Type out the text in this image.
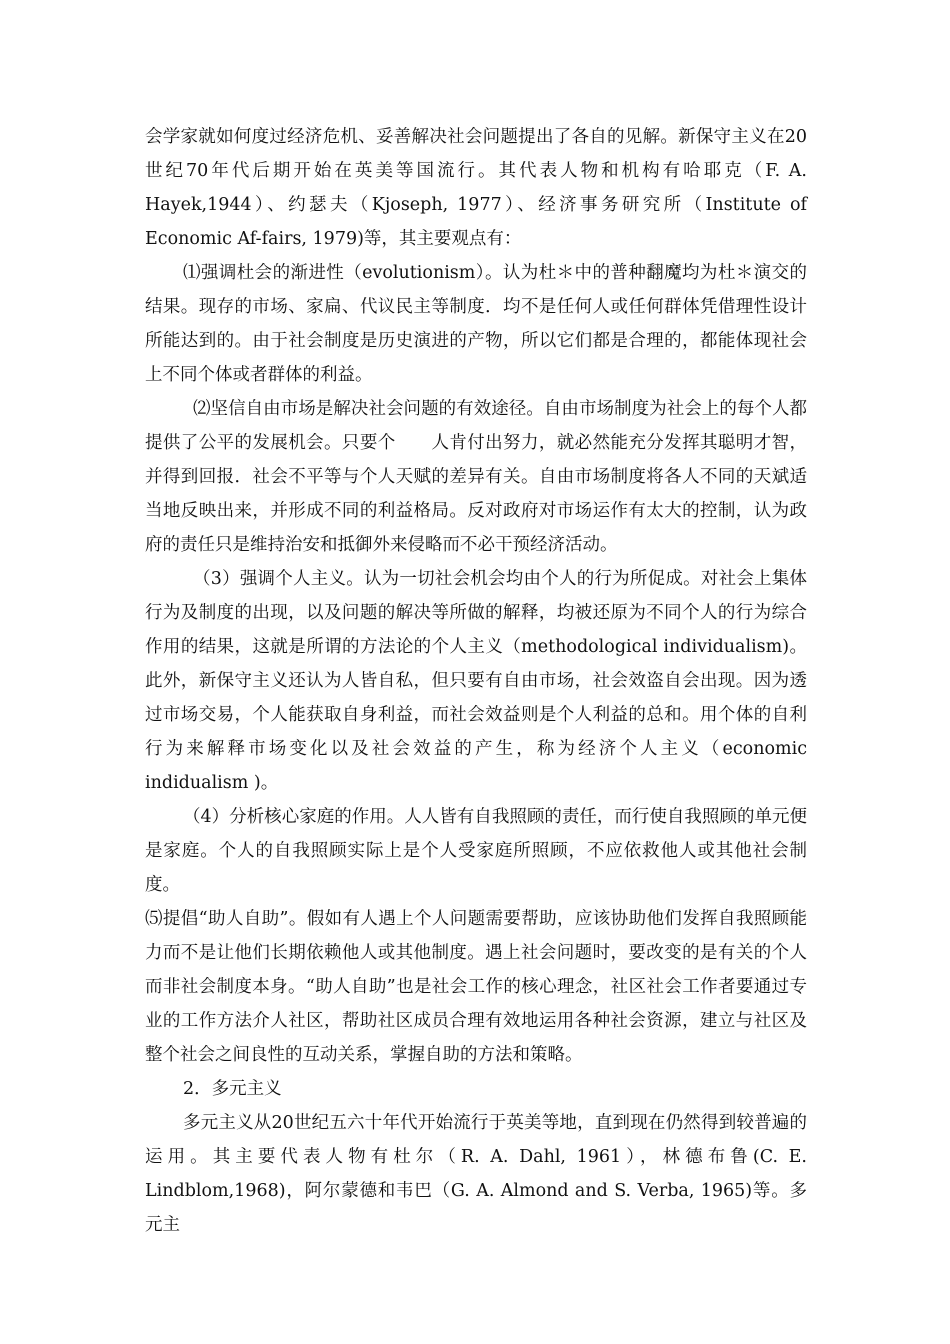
会学家就如何度过经济危机、妥善解决社会问题提出了各自的见解。新保守主义在20世纪70年代后期开始在英美等国流行。其代表人物和机构有哈耶克（F. A. Hayek,1944）、约瑟夫（Kjoseph, 1977）、经济事务研究所（Institute of Economic Af-fairs, 1979)等，其主要观点有：

⑴强调杜会的渐进性（evolutionism）。认为杜＊中的普种翻魔均为杜＊演交的结果。现存的市场、家扁、代议民主等制度．均不是任何人或任何群体凭借理性设计所能达到的。由于社会制度是历史演进的产物，所以它们都是合理的，都能体现社会上不同个体或者群体的利益。

⑵坚信自由市场是解决社会问题的有效途径。自由市场制度为社会上的每个人都提供了公平的发展机会。只要个　　人肯付出努力，就必然能充分发挥其聪明才智，并得到回报．社会不平等与个人天赋的差异有关。自由市场制度将各人不同的天斌适当地反映出来，并形成不同的利益格局。反对政府对市场运作有太大的控制，认为政府的责任只是维持治安和抵御外来侵略而不必干预经济活动。

（3）强调个人主义。认为一切社会机会均由个人的行为所促成。对社会上集体行为及制度的出现，以及问题的解决等所做的解释，均被还原为不同个人的行为综合作用的结果，这就是所谓的方法论的个人主义（methodological individualism)。此外，新保守主义还认为人皆自私，但只要有自由市场，社会效盗自会出现。因为透过市场交易，个人能获取自身利益，而社会效益则是个人利益的总和。用个体的自利行为来解释市场变化以及社会效益的产生，称为经济个人主义（economic indidualism )。

（4）分析核心家庭的作用。人人皆有自我照顾的责任，而行使自我照顾的单元便是家庭。个人的自我照顾实际上是个人受家庭所照顾，不应依救他人或其他社会制度。

⑸提倡“助人自助”。假如有人遇上个人问题需要帮助，应该协助他们发挥自我照顾能力而不是让他们长期依赖他人或其他制度。遇上社会问题时，要改变的是有关的个人而非社会制度本身。“助人自助”也是社会工作的核心理念，社区社会工作者要通过专业的工作方法介人社区，帮助社区成员合理有效地运用各种社会资源，建立与社区及整个社会之间良性的互动关系，掌握自助的方法和策略。

2．多元主义

多元主义从20世纪五六十年代开始流行于英美等地，直到现在仍然得到较普遍的运用。其主要代表人物有杜尔（R. A. Dahl, 1961），林德布鲁(C. E. Lindblom,1968)，阿尔蒙德和韦巴（G. A. Almond and S. Verba, 1965)等。多元主
